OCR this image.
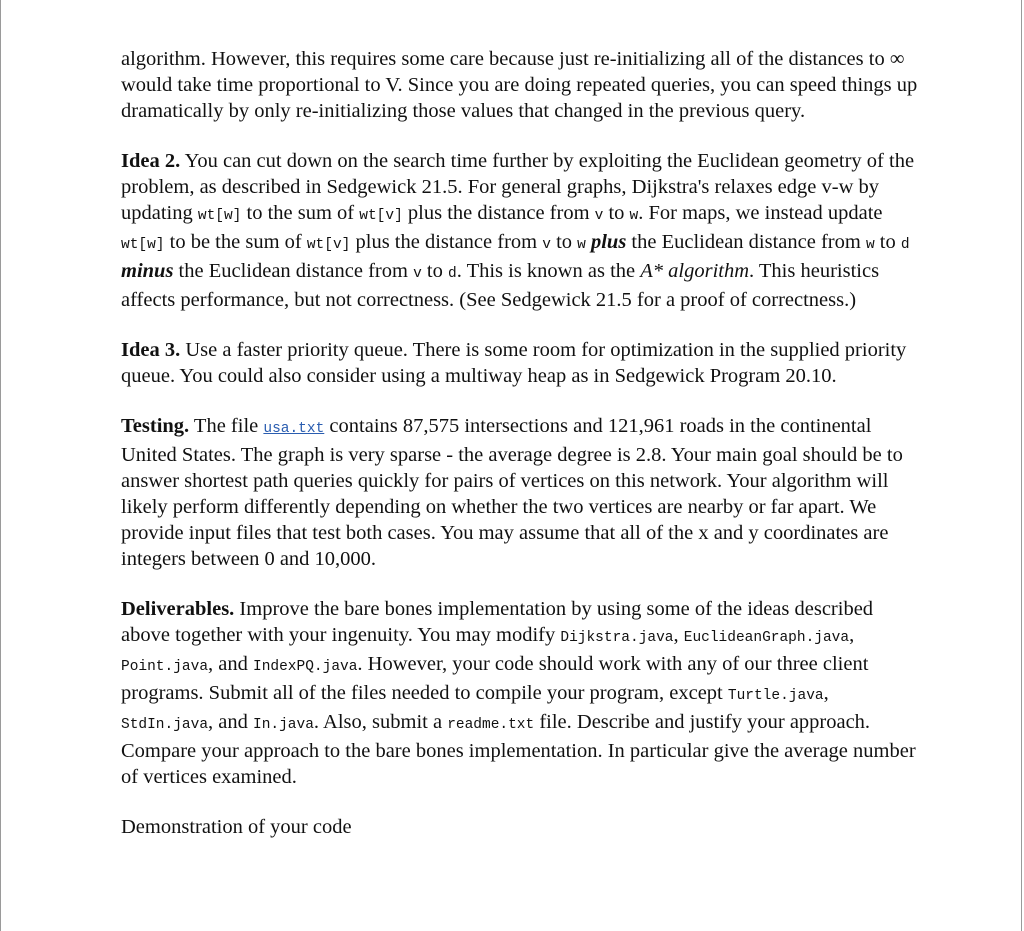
algorithm. However, this requires some care because just re-initializing all of the distances to ∞ would take time proportional to V. Since you are doing repeated queries, you can speed things up dramatically by only re-initializing those values that changed in the previous query.

Idea 2. You can cut down on the search time further by exploiting the Euclidean geometry of the problem, as described in Sedgewick 21.5. For general graphs, Dijkstra's relaxes edge v-w by updating wt[w] to the sum of wt[v] plus the distance from v to w. For maps, we instead update wt[w] to be the sum of wt[v] plus the distance from v to w plus the Euclidean distance from w to d minus the Euclidean distance from v to d. This is known as the A* algorithm. This heuristics affects performance, but not correctness. (See Sedgewick 21.5 for a proof of correctness.)

Idea 3. Use a faster priority queue. There is some room for optimization in the supplied priority queue. You could also consider using a multiway heap as in Sedgewick Program 20.10.

Testing. The file usa.txt contains 87,575 intersections and 121,961 roads in the continental United States. The graph is very sparse - the average degree is 2.8. Your main goal should be to answer shortest path queries quickly for pairs of vertices on this network. Your algorithm will likely perform differently depending on whether the two vertices are nearby or far apart. We provide input files that test both cases. You may assume that all of the x and y coordinates are integers between 0 and 10,000.

Deliverables. Improve the bare bones implementation by using some of the ideas described above together with your ingenuity. You may modify Dijkstra.java, EuclideanGraph.java, Point.java, and IndexPQ.java. However, your code should work with any of our three client programs. Submit all of the files needed to compile your program, except Turtle.java, StdIn.java, and In.java. Also, submit a readme.txt file. Describe and justify your approach. Compare your approach to the bare bones implementation. In particular give the average number of vertices examined.

Demonstration of your code
